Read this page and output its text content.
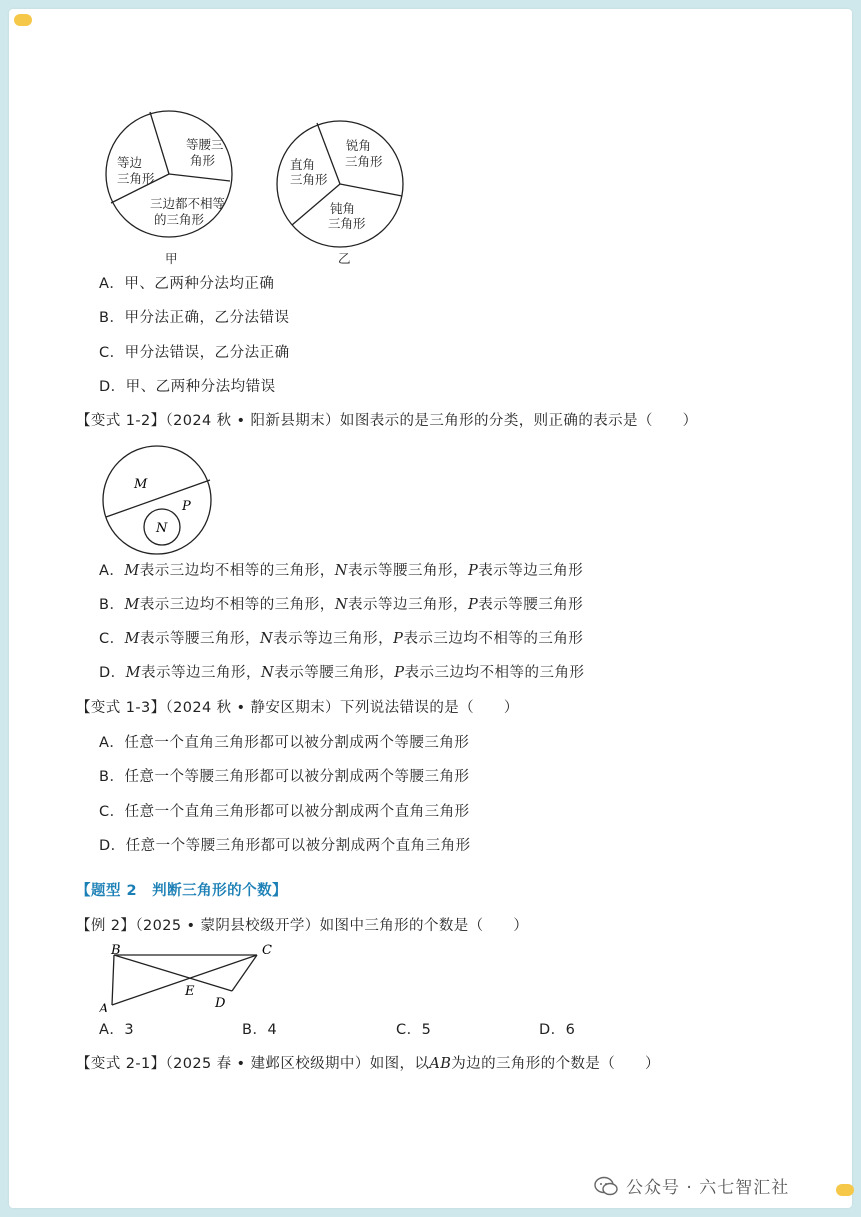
等腰三
角形
等边
三角形
三边都不相等
的三角形
甲
锐角
三角形
直角
三角形
钝角
三角形
乙
A．甲、乙两种分法均正确
B．甲分法正确，乙分法错误
C．甲分法错误，乙分法正确
D．甲、乙两种分法均错误
【变式 1-2】（2024 秋 • 阳新县期末）如图表示的是三角形的分类，则正确的表示是（　　）
M
P
N
A．M表示三边均不相等的三角形，N表示等腰三角形，P表示等边三角形
B．M表示三边均不相等的三角形，N表示等边三角形，P表示等腰三角形
C．M表示等腰三角形，N表示等边三角形，P表示三边均不相等的三角形
D．M表示等边三角形，N表示等腰三角形，P表示三边均不相等的三角形
【变式 1-3】（2024 秋 • 静安区期末）下列说法错误的是（　　）
A．任意一个直角三角形都可以被分割成两个等腰三角形
B．任意一个等腰三角形都可以被分割成两个等腰三角形
C．任意一个直角三角形都可以被分割成两个直角三角形
D．任意一个等腰三角形都可以被分割成两个直角三角形
【题型 2　判断三角形的个数】
【例 2】（2025 • 蒙阴县校级开学）如图中三角形的个数是（　　）
B	C
A
E
D
A．3	B．4	C．5	D．6
【变式 2-1】（2025 春 • 建邺区校级期中）如图，以AB为边的三角形的个数是（　　）
公众号 · 六七智汇社
